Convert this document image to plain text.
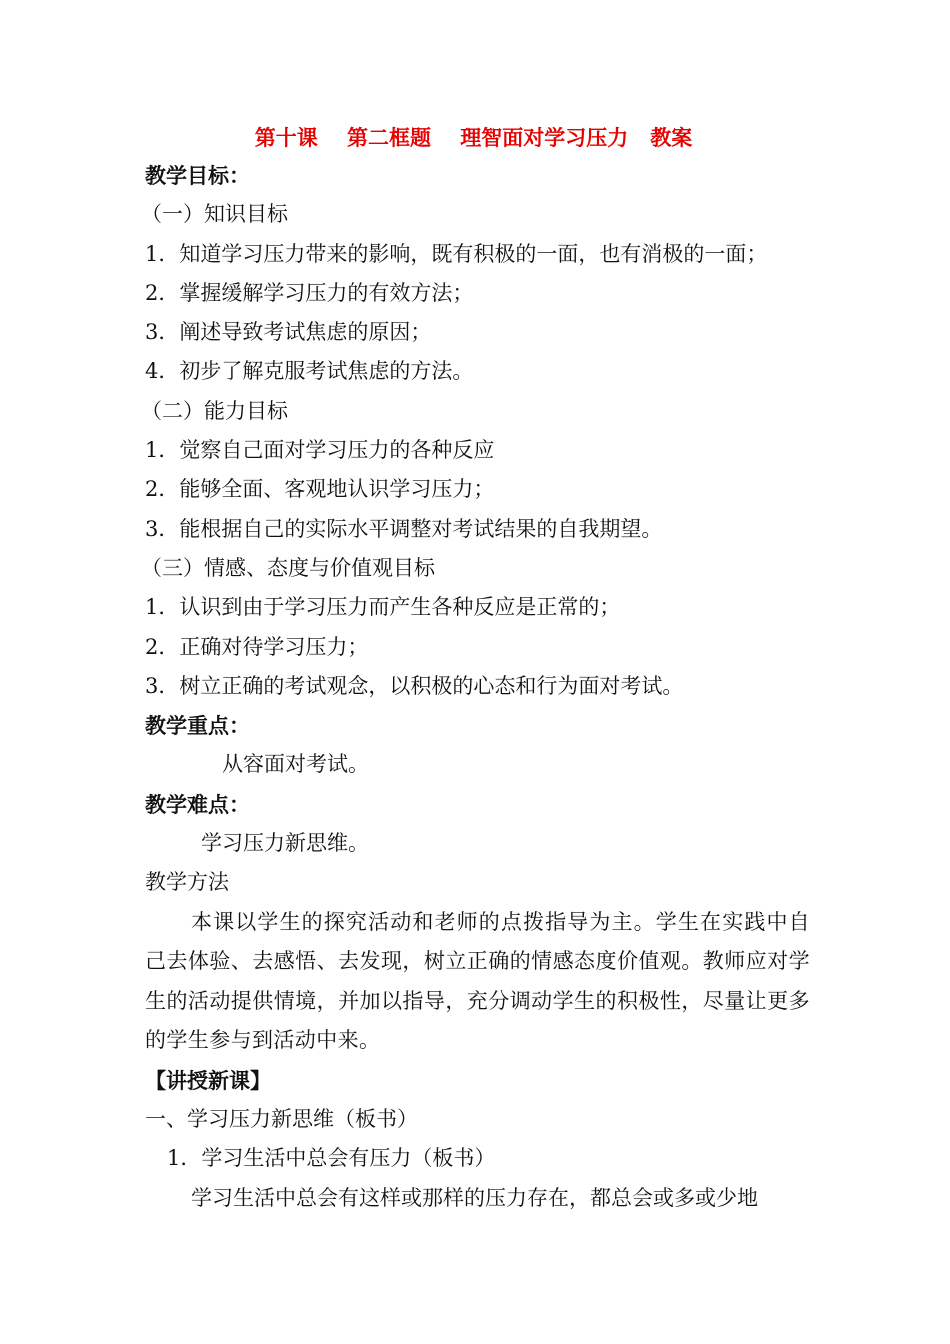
第十课    第二框题    理智面对学习压力   教案
教学目标：
（一）知识目标
1．知道学习压力带来的影响，既有积极的一面，也有消极的一面；
2．掌握缓解学习压力的有效方法；
3．阐述导致考试焦虑的原因；
4．初步了解克服考试焦虑的方法。
（二）能力目标
1．觉察自己面对学习压力的各种反应
2．能够全面、客观地认识学习压力；
3．能根据自己的实际水平调整对考试结果的自我期望。
（三）情感、态度与价值观目标
1．认识到由于学习压力而产生各种反应是正常的；
2．正确对待学习压力；
3．树立正确的考试观念，以积极的心态和行为面对考试。
教学重点：
从容面对考试。
教学难点：
学习压力新思维。
教学方法
本课以学生的探究活动和老师的点拨指导为主。学生在实践中自己去体验、去感悟、去发现，树立正确的情感态度价值观。教师应对学生的活动提供情境，并加以指导，充分调动学生的积极性，尽量让更多的学生参与到活动中来。
【讲授新课】
一、学习压力新思维（板书）
1．学习生活中总会有压力（板书）
学习生活中总会有这样或那样的压力存在，都总会或多或少地
